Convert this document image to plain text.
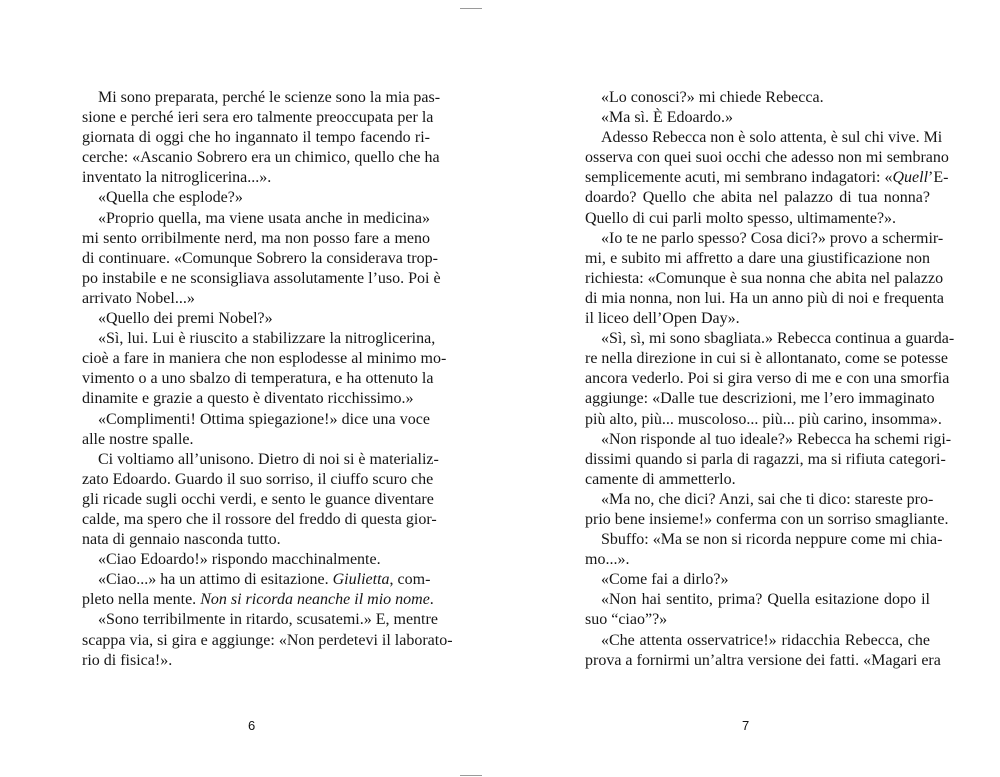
Mi sono preparata, perché le scienze sono la mia pas-
sione e perché ieri sera ero talmente preoccupata per la
giornata di oggi che ho ingannato il tempo facendo ri-
cerche: «Ascanio Sobrero era un chimico, quello che ha
inventato la nitroglicerina...».
«Quella che esplode?»
«Proprio quella, ma viene usata anche in medicina»
mi sento orribilmente nerd, ma non posso fare a meno
di continuare. «Comunque Sobrero la considerava trop-
po instabile e ne sconsigliava assolutamente l’uso. Poi è
arrivato Nobel...»
«Quello dei premi Nobel?»
«Sì, lui. Lui è riuscito a stabilizzare la nitroglicerina,
cioè a fare in maniera che non esplodesse al minimo mo-
vimento o a uno sbalzo di temperatura, e ha ottenuto la
dinamite e grazie a questo è diventato ricchissimo.»
«Complimenti! Ottima spiegazione!» dice una voce
alle nostre spalle.
Ci voltiamo all’unisono. Dietro di noi si è materializ-
zato Edoardo. Guardo il suo sorriso, il ciuffo scuro che
gli ricade sugli occhi verdi, e sento le guance diventare
calde, ma spero che il rossore del freddo di questa gior-
nata di gennaio nasconda tutto.
«Ciao Edoardo!» rispondo macchinalmente.
«Ciao...» ha un attimo di esitazione. Giulietta, com-
pleto nella mente. Non si ricorda neanche il mio nome.
«Sono terribilmente in ritardo, scusatemi.» E, mentre
scappa via, si gira e aggiunge: «Non perdetevi il laborato-
rio di fisica!».
«Lo conosci?» mi chiede Rebecca.
«Ma sì. È Edoardo.»
Adesso Rebecca non è solo attenta, è sul chi vive. Mi
osserva con quei suoi occhi che adesso non mi sembrano
semplicemente acuti, mi sembrano indagatori: «Quell’E-
doardo? Quello che abita nel palazzo di tua nonna?
Quello di cui parli molto spesso, ultimamente?».
«Io te ne parlo spesso? Cosa dici?» provo a schermir-
mi, e subito mi affretto a dare una giustificazione non
richiesta: «Comunque è sua nonna che abita nel palazzo
di mia nonna, non lui. Ha un anno più di noi e frequenta
il liceo dell’Open Day».
«Sì, sì, mi sono sbagliata.» Rebecca continua a guarda-
re nella direzione in cui si è allontanato, come se potesse
ancora vederlo. Poi si gira verso di me e con una smorfia
aggiunge: «Dalle tue descrizioni, me l’ero immaginato
più alto, più... muscoloso... più... più carino, insomma».
«Non risponde al tuo ideale?» Rebecca ha schemi rigi-
dissimi quando si parla di ragazzi, ma si rifiuta categori-
camente di ammetterlo.
«Ma no, che dici? Anzi, sai che ti dico: stareste pro-
prio bene insieme!» conferma con un sorriso smagliante.
Sbuffo: «Ma se non si ricorda neppure come mi chia-
mo...».
«Come fai a dirlo?»
«Non hai sentito, prima? Quella esitazione dopo il
suo “ciao”?»
«Che attenta osservatrice!» ridacchia Rebecca, che
prova a fornirmi un’altra versione dei fatti. «Magari era
6	7
